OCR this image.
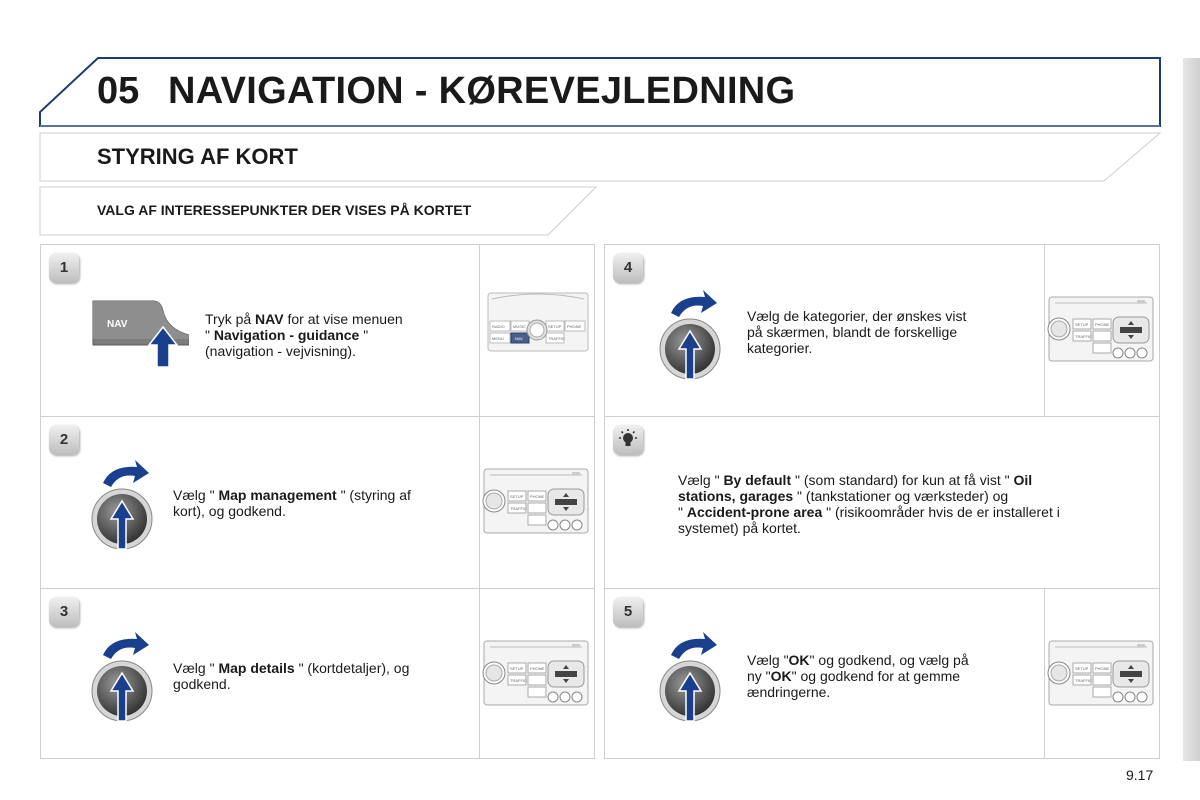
05 NAVIGATION - KØREVEJLEDNING
STYRING AF KORT
VALG AF INTERESSEPUNKTER DER VISES PÅ KORTET
1
NAV	Tryk på NAV for at vise menuen
" Navigation - guidance "
(navigation - vejvisning).
RADIO MUSIC	SETUP PHONE
MENU	NAV	TRAFFIC
2
Vælg " Map management " (styring af
kort), og godkend.
SETUP PHONE
TRAFFIC
3
Vælg " Map details " (kortdetaljer), og
godkend.
SETUP PHONE
TRAFFIC
4
Vælg de kategorier, der ønskes vist
på skærmen, blandt de forskellige
kategorier.
SETUP PHONE
TRAFFIC
Vælg " By default " (som standard) for kun at få vist " Oil
stations, garages " (tankstationer og værksteder) og
" Accident-prone area " (risikoområder hvis de er installeret i
systemet) på kortet.
5
Vælg "OK" og godkend, og vælg på
ny "OK" og godkend for at gemme
ændringerne.
SETUP PHONE
TRAFFIC
9.17
